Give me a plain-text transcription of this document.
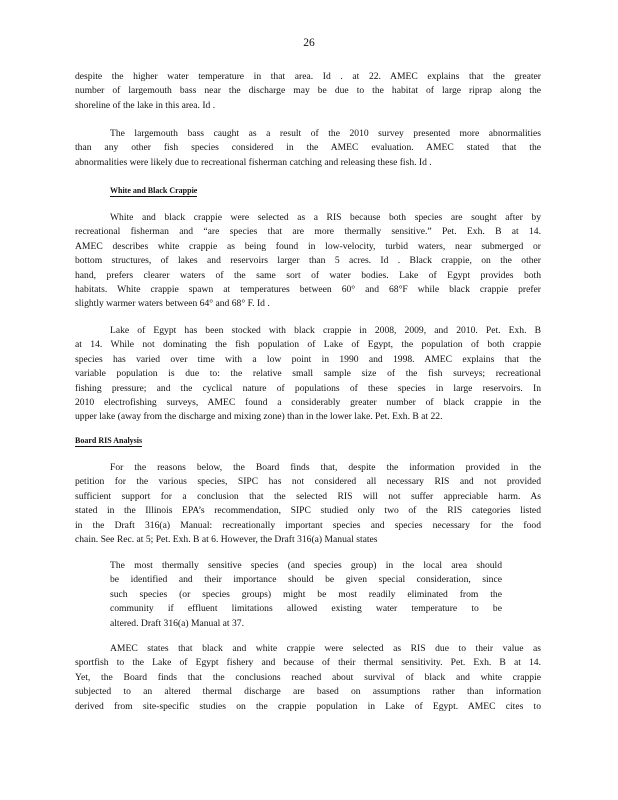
26
despite the higher water temperature in that area. Id . at 22. AMEC explains that the greater
number of largemouth bass near the discharge may be due to the habitat of large riprap along the
shoreline of the lake in this area. Id .
The largemouth bass caught as a result of the 2010 survey presented more abnormalities
than any other fish species considered in the AMEC evaluation. AMEC stated that the
abnormalities were likely due to recreational fisherman catching and releasing these fish. Id .
White and Black Crappie
White and black crappie were selected as a RIS because both species are sought after by
recreational fisherman and “are species that are more thermally sensitive.” Pet. Exh. B at 14.
AMEC describes white crappie as being found in low-velocity, turbid waters, near submerged or
bottom structures, of lakes and reservoirs larger than 5 acres. Id . Black crappie, on the other
hand, prefers clearer waters of the same sort of water bodies. Lake of Egypt provides both
habitats. White crappie spawn at temperatures between 60° and 68°F while black crappie prefer
slightly warmer waters between 64° and 68° F. Id .
Lake of Egypt has been stocked with black crappie in 2008, 2009, and 2010. Pet. Exh. B
at 14. While not dominating the fish population of Lake of Egypt, the population of both crappie
species has varied over time with a low point in 1990 and 1998. AMEC explains that the
variable population is due to: the relative small sample size of the fish surveys; recreational
fishing pressure; and the cyclical nature of populations of these species in large reservoirs. In
2010 electrofishing surveys, AMEC found a considerably greater number of black crappie in the
upper lake (away from the discharge and mixing zone) than in the lower lake. Pet. Exh. B at 22.
Board RIS Analysis
For the reasons below, the Board finds that, despite the information provided in the
petition for the various species, SIPC has not considered all necessary RIS and not provided
sufficient support for a conclusion that the selected RIS will not suffer appreciable harm. As
stated in the Illinois EPA’s recommendation, SIPC studied only two of the RIS categories listed
in the Draft 316(a) Manual: recreationally important species and species necessary for the food
chain. See Rec. at 5; Pet. Exh. B at 6. However, the Draft 316(a) Manual states
The most thermally sensitive species (and species group) in the local area should
be identified and their importance should be given special consideration, since
such species (or species groups) might be most readily eliminated from the
community if effluent limitations allowed existing water temperature to be
altered. Draft 316(a) Manual at 37.
AMEC states that black and white crappie were selected as RIS due to their value as
sportfish to the Lake of Egypt fishery and because of their thermal sensitivity. Pet. Exh. B at 14.
Yet, the Board finds that the conclusions reached about survival of black and white crappie
subjected to an altered thermal discharge are based on assumptions rather than information
derived from site-specific studies on the crappie population in Lake of Egypt. AMEC cites to
